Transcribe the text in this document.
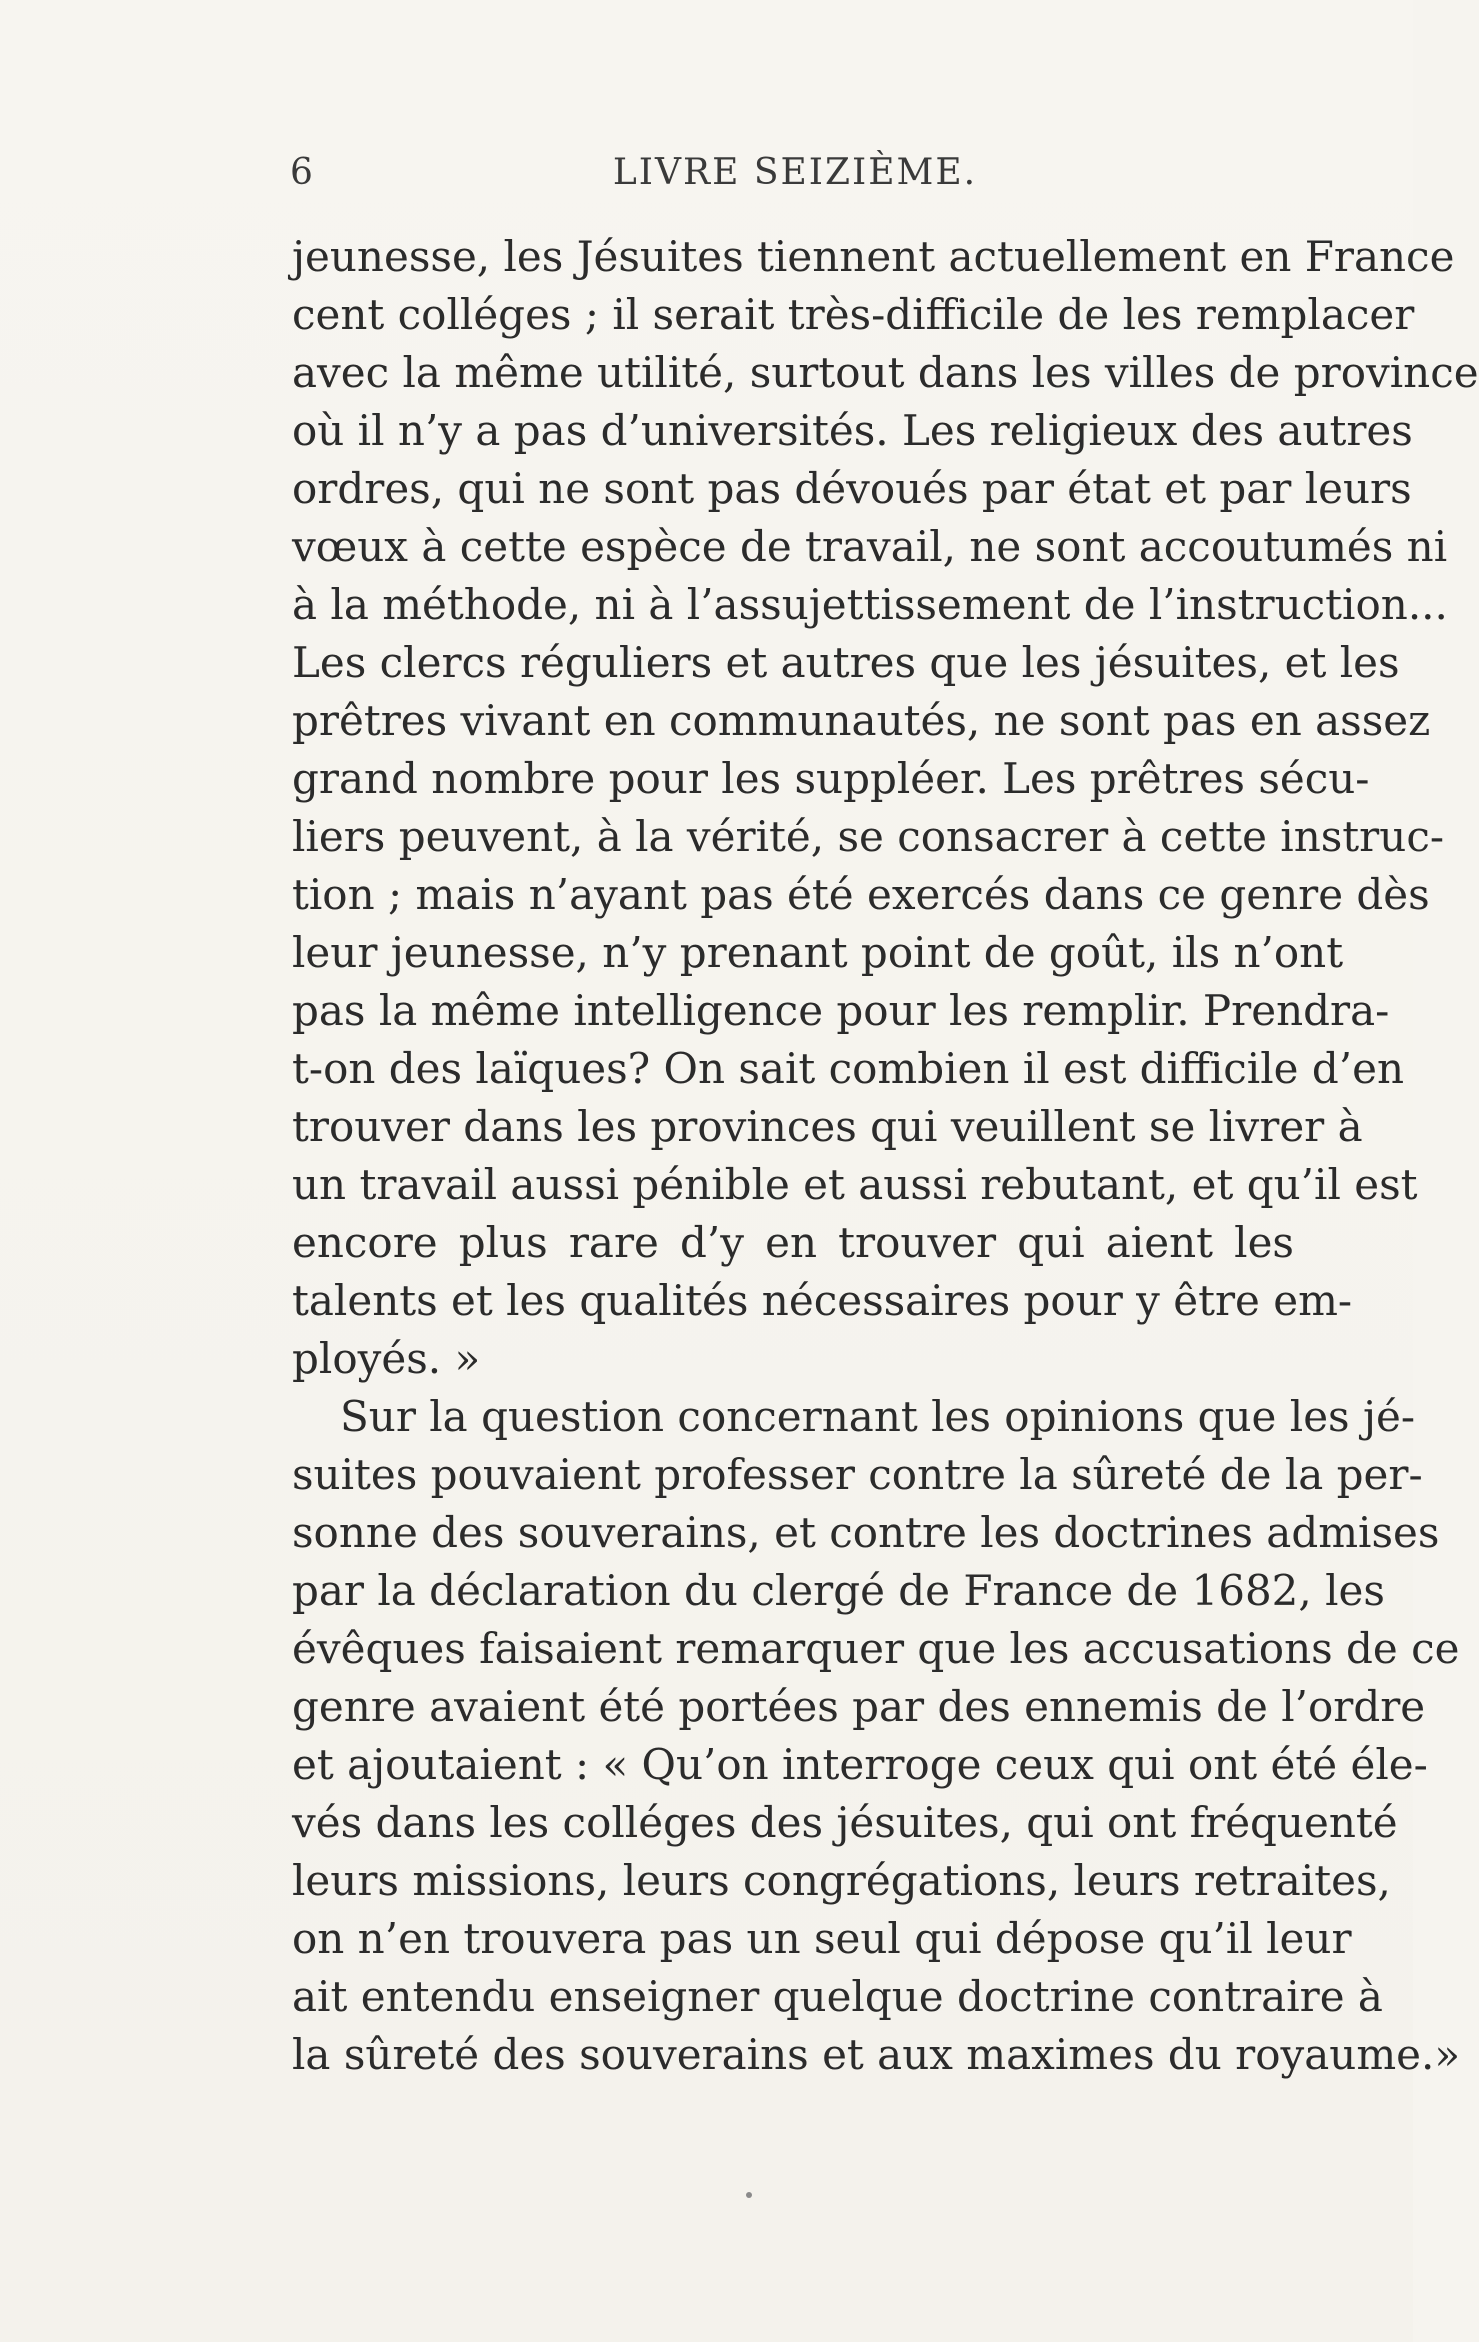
6	LIVRE SEIZIÈME.
jeunesse, les Jésuites tiennent actuellement en France
cent colléges ; il serait très-difficile de les remplacer
avec la même utilité, surtout dans les villes de province
où il n’y a pas d’universités. Les religieux des autres
ordres, qui ne sont pas dévoués par état et par leurs
vœux à cette espèce de travail, ne sont accoutumés ni
à la méthode, ni à l’assujettissement de l’instruction...
Les clercs réguliers et autres que les jésuites, et les
prêtres vivant en communautés, ne sont pas en assez
grand nombre pour les suppléer. Les prêtres sécu-
liers peuvent, à la vérité, se consacrer à cette instruc-
tion ; mais n’ayant pas été exercés dans ce genre dès
leur jeunesse, n’y prenant point de goût, ils n’ont
pas la même intelligence pour les remplir. Prendra-
t-on des laïques? On sait combien il est difficile d’en
trouver dans les provinces qui veuillent se livrer à
un travail aussi pénible et aussi rebutant, et qu’il est
encore plus rare d’y en trouver qui aient les
talents et les qualités nécessaires pour y être em-
ployés. »
Sur la question concernant les opinions que les jé-
suites pouvaient professer contre la sûreté de la per-
sonne des souverains, et contre les doctrines admises
par la déclaration du clergé de France de 1682, les
évêques faisaient remarquer que les accusations de ce
genre avaient été portées par des ennemis de l’ordre
et ajoutaient : « Qu’on interroge ceux qui ont été éle-
vés dans les colléges des jésuites, qui ont fréquenté
leurs missions, leurs congrégations, leurs retraites,
on n’en trouvera pas un seul qui dépose qu’il leur
ait entendu enseigner quelque doctrine contraire à
la sûreté des souverains et aux maximes du royaume.»
